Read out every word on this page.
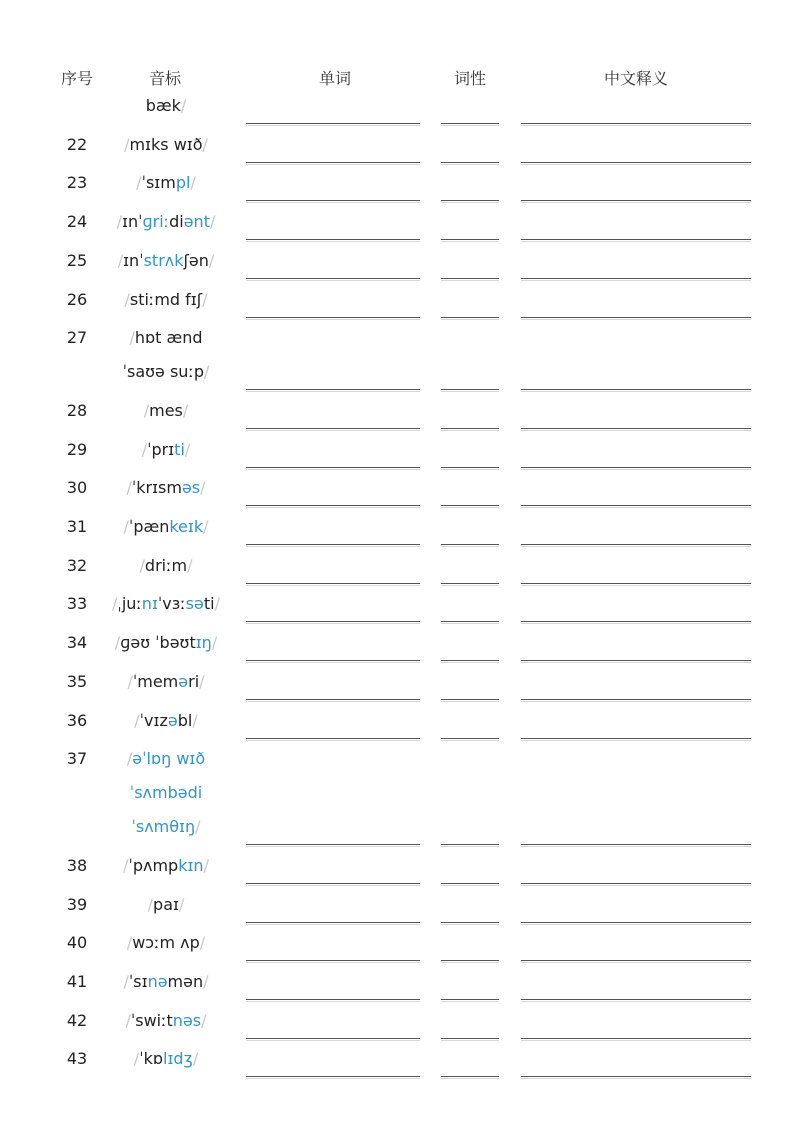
序号	音标	单词	词性	中文释义
bæk/
22	/mɪks wɪð/
23	/ˈsɪmpl/
24	/ɪnˈɡriːdiənt/
25	/ɪnˈstrʌkʃən/
26	/stiːmd fɪʃ/
27	/hɒt ænd
ˈsaʊə suːp/
28	/mes/
29	/ˈprɪti/
30	/ˈkrɪsməs/
31	/ˈpænkeɪk/
32	/driːm/
33	/ˌjuːnɪˈvɜːsəti/
34	/ɡəʊ ˈbəʊtɪŋ/
35	/ˈmeməri/
36	/ˈvɪzəbl/
37	/əˈlɒŋ wɪð
ˈsʌmbədi
ˈsʌmθɪŋ/
38	/ˈpʌmpkɪn/
39	/paɪ/
40	/wɔːm ʌp/
41	/ˈsɪnəmən/
42	/ˈswiːtnəs/
43	/ˈkɒlɪdʒ/
